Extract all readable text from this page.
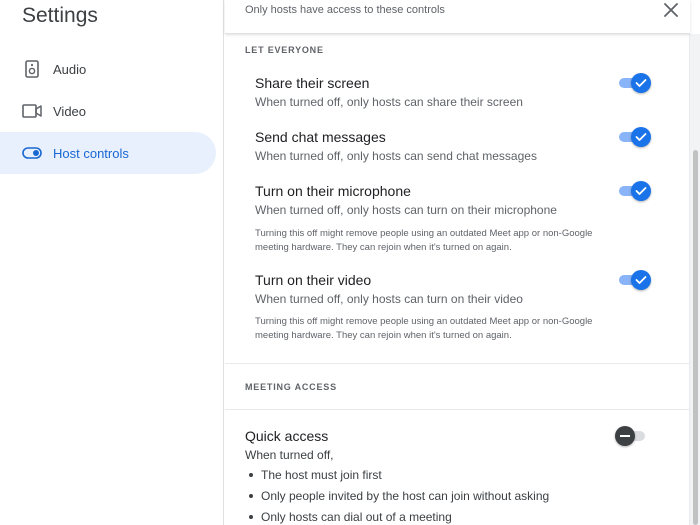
Settings
Audio
Video
Host controls
Only hosts have access to these controls
LET EVERYONE
Share their screen
When turned off, only hosts can share their screen
Send chat messages
When turned off, only hosts can send chat messages
Turn on their microphone
When turned off, only hosts can turn on their microphone
Turning this off might remove people using an outdated Meet app or non-Google meeting hardware. They can rejoin when it's turned on again.
Turn on their video
When turned off, only hosts can turn on their video
Turning this off might remove people using an outdated Meet app or non-Google meeting hardware. They can rejoin when it's turned on again.
MEETING ACCESS
Quick access
When turned off,
The host must join first
Only people invited by the host can join without asking
Only hosts can dial out of a meeting
